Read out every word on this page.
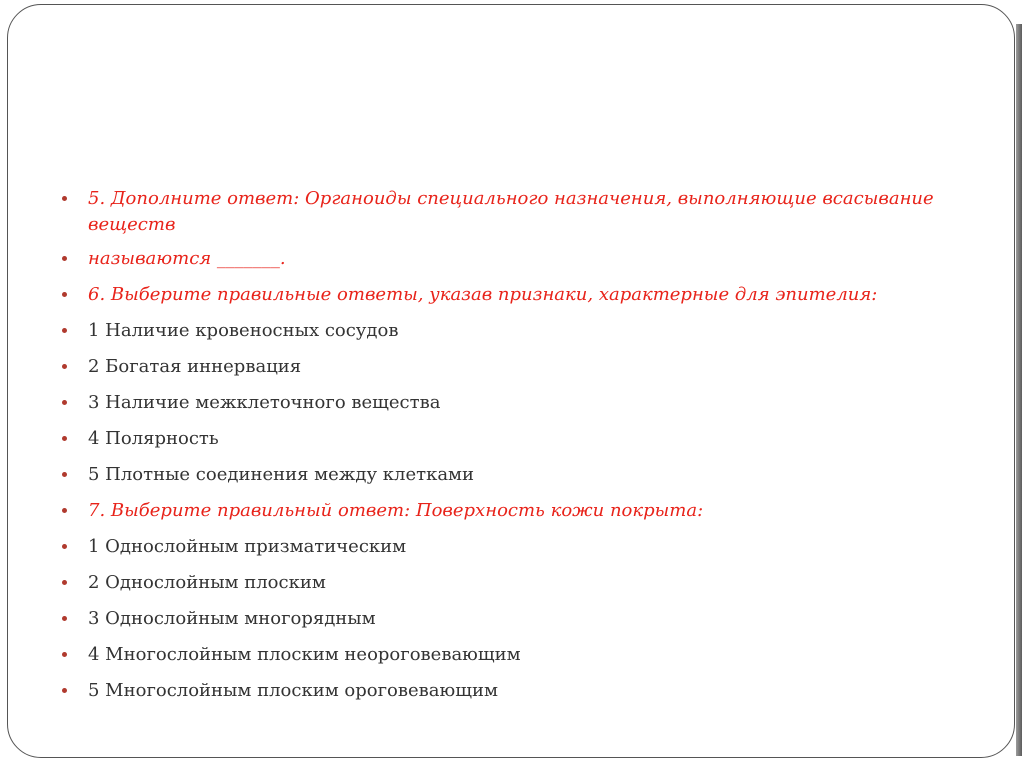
5. Дополните ответ: Органоиды специального назначения, выполняющие всасывание веществ
называются _______.
6. Выберите правильные ответы, указав признаки, характерные для эпителия:
1 Наличие кровеносных сосудов
2 Богатая иннервация
3 Наличие межклеточного вещества
4 Полярность
5 Плотные соединения между клетками
7. Выберите правильный ответ: Поверхность кожи покрыта:
1 Однослойным призматическим
2 Однослойным плоским
3 Однослойным многорядным
4 Многослойным плоским неороговевающим
5 Многослойным плоским ороговевающим
